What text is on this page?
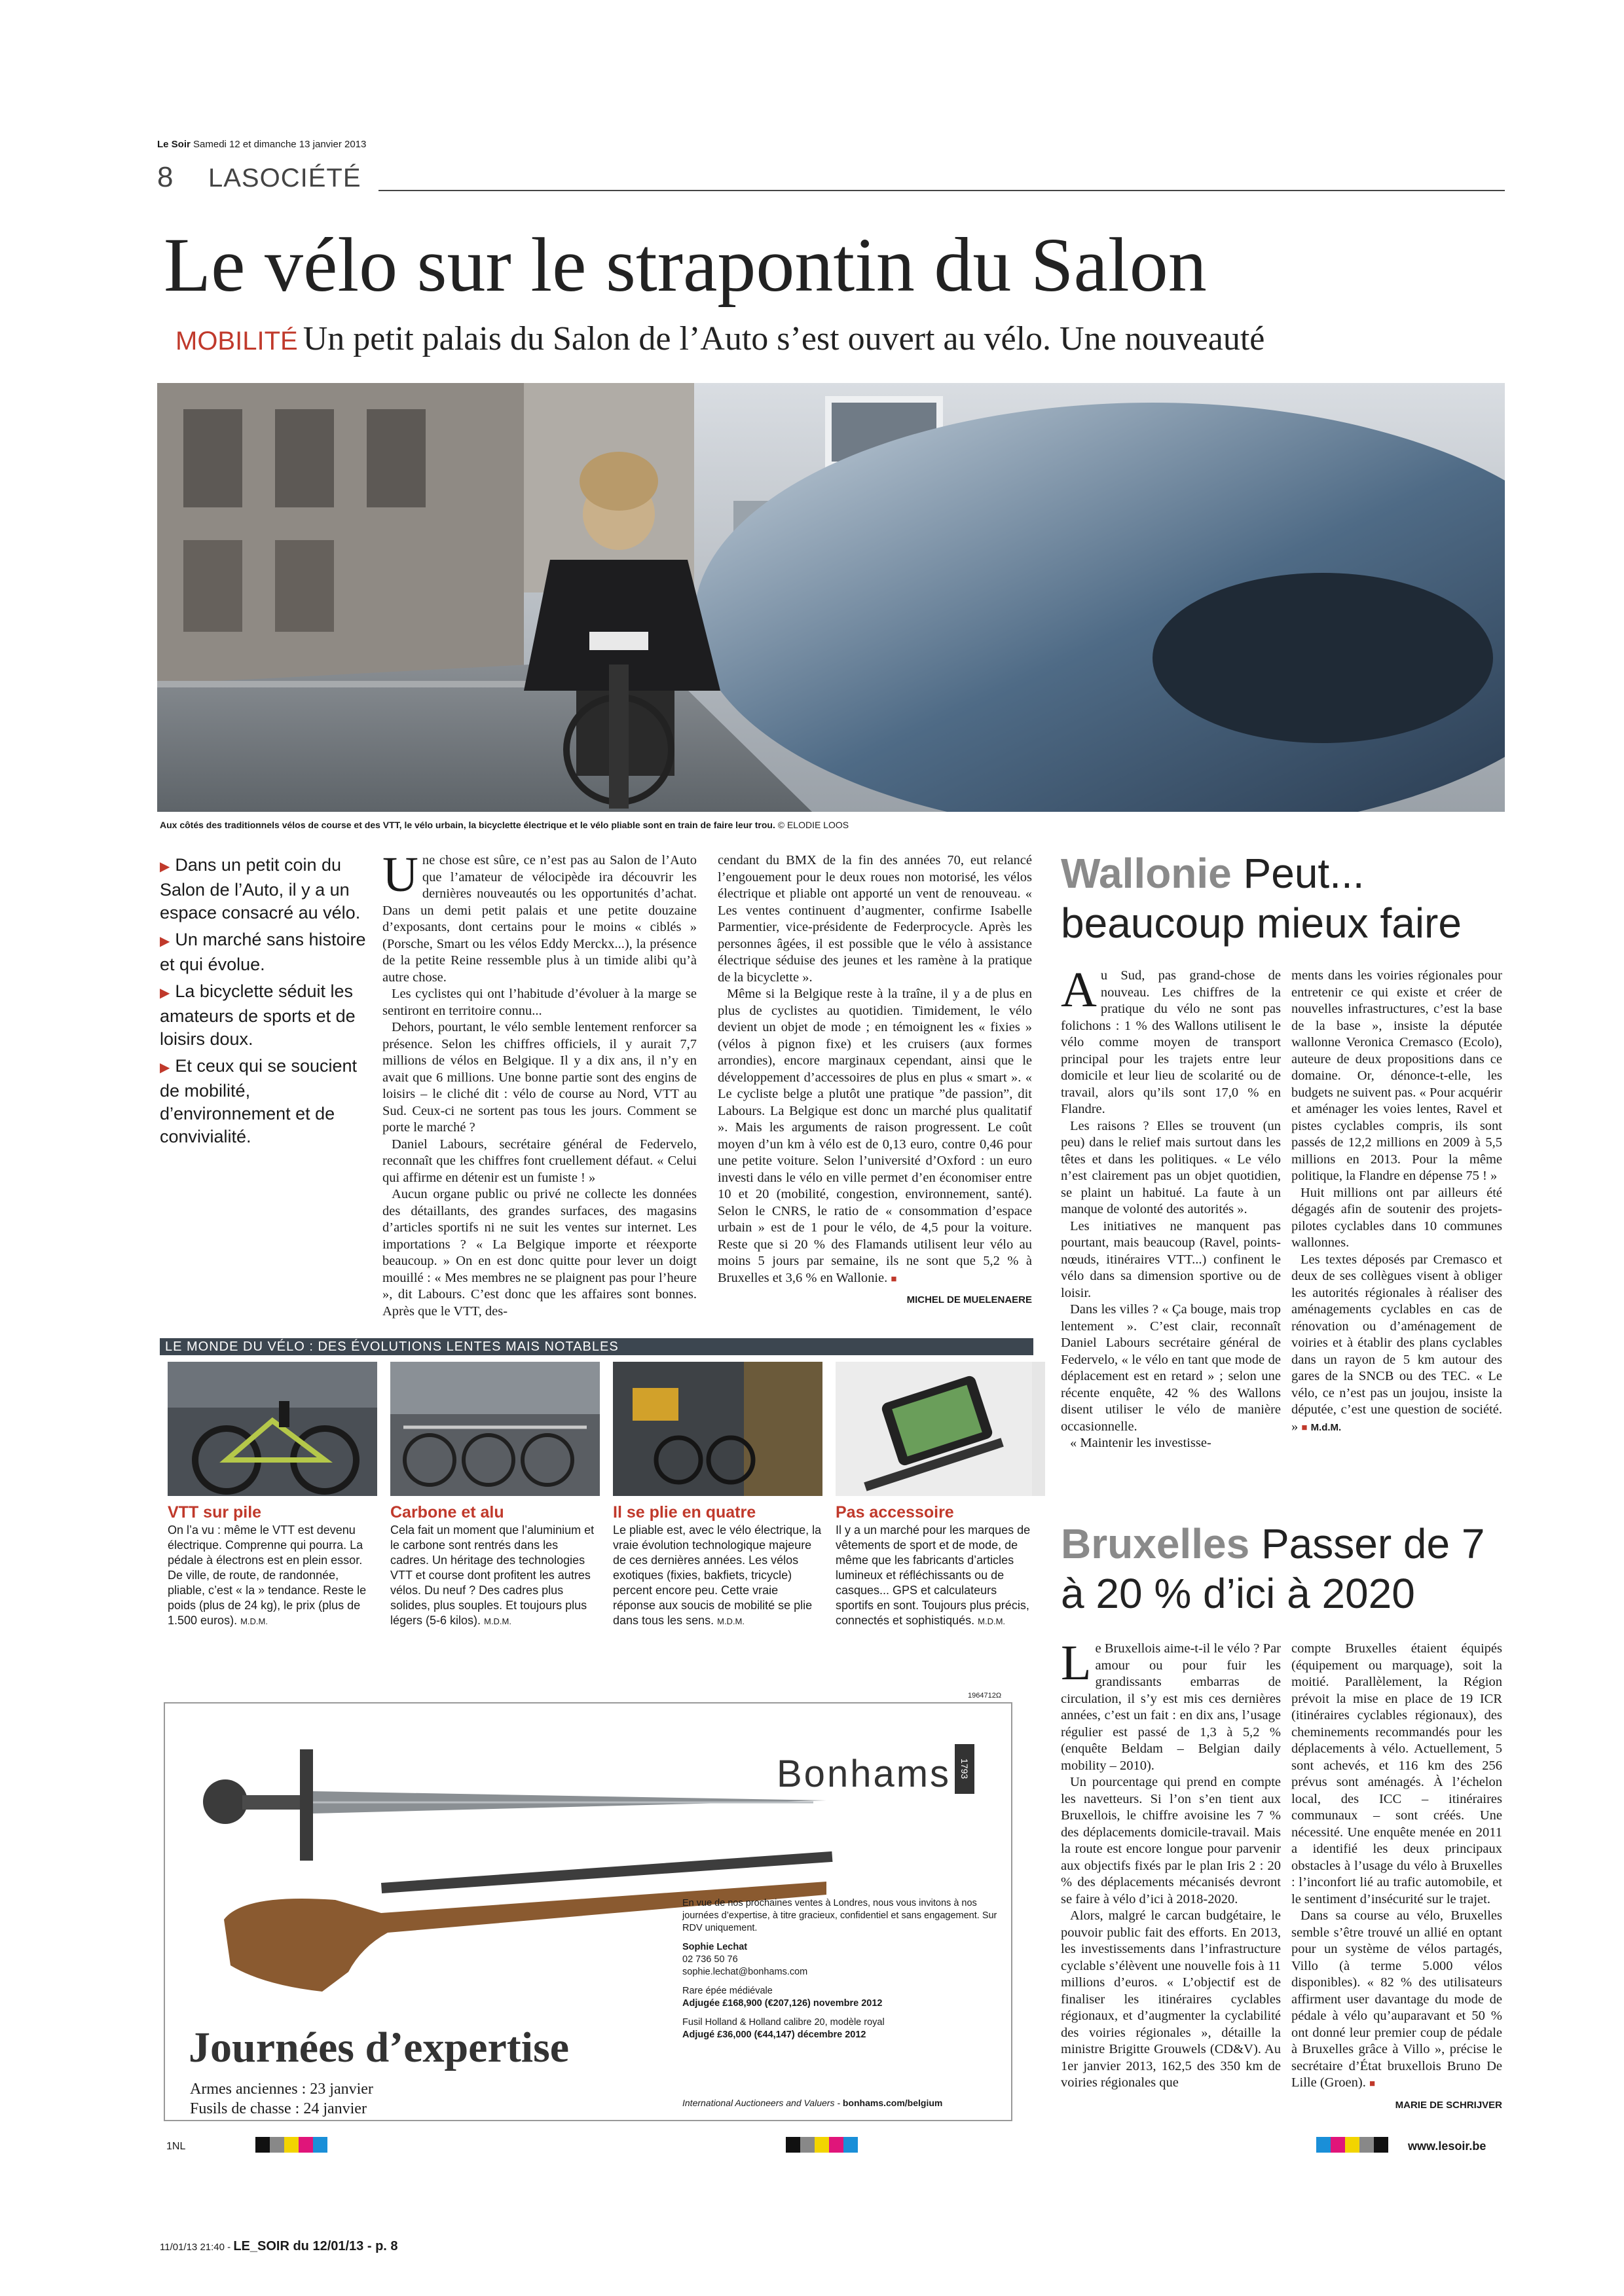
Le Soir Samedi 12 et dimanche 13 janvier 2013
8 LASOCIÉTÉ
Le vélo sur le strapontin du Salon
MOBILITÉ Un petit palais du Salon de l’Auto s’est ouvert au vélo. Une nouveauté
Aux côtés des traditionnels vélos de course et des VTT, le vélo urbain, la bicyclette électrique et le vélo pliable sont en train de faire leur trou. © ELODIE LOOS
▶ Dans un petit coin du Salon de l’Auto, il y a un espace consacré au vélo.
▶ Un marché sans histoire et qui évolue.
▶ La bicyclette séduit les amateurs de sports et de loisirs doux.
▶ Et ceux qui se soucient de mobilité, d’environnement et de convivialité.
U ne chose est sûre, ce n’est pas au Salon de l’Auto que l’amateur de vélocipède ira découvrir les dernières nouveautés ou les opportunités d’achat. Dans un demi petit palais et une petite douzaine d’exposants, dont certains pour le moins « ciblés » (Porsche, Smart ou les vélos Eddy Merckx...), la présence de la petite Reine ressemble plus à un timide alibi qu’à autre chose.

Les cyclistes qui ont l’habitude d’évoluer à la marge se sentiront en territoire connu...

Dehors, pourtant, le vélo semble lentement renforcer sa présence. Selon les chiffres officiels, il y aurait 7,7 millions de vélos en Belgique. Il y a dix ans, il n’y en avait que 6 millions. Une bonne partie sont des engins de loisirs – le cliché dit : vélo de course au Nord, VTT au Sud. Ceux-ci ne sortent pas tous les jours. Comment se porte le marché ?

Daniel Labours, secrétaire général de Federvelo, reconnaît que les chiffres font cruellement défaut. « Celui qui affirme en détenir est un fumiste ! »

Aucun organe public ou privé ne collecte les données des détaillants, des grandes surfaces, des magasins d’articles sportifs ni ne suit les ventes sur internet. Les importations ? « La Belgique importe et réexporte beaucoup. » On en est donc quitte pour lever un doigt mouillé : « Mes membres ne se plaignent pas pour l’heure », dit Labours. C’est donc que les affaires sont bonnes. Après que le VTT, des-

cendant du BMX de la fin des années 70, eut relancé l’engouement pour le deux roues non motorisé, les vélos électrique et pliable ont apporté un vent de renouveau. « Les ventes continuent d’augmenter, confirme Isabelle Parmentier, vice-présidente de Federprocycle. Après les personnes âgées, il est possible que le vélo à assistance électrique séduise des jeunes et les ramène à la pratique de la bicyclette ».

Même si la Belgique reste à la traîne, il y a de plus en plus de cyclistes au quotidien. Timidement, le vélo devient un objet de mode ; en témoignent les « fixies » (vélos à pignon fixe) et les cruisers (aux formes arrondies), encore marginaux cependant, ainsi que le développement d’accessoires de plus en plus « smart ». « Le cycliste belge a plutôt une pratique ”de passion”, dit Labours. La Belgique est donc un marché plus qualitatif ». Mais les arguments de raison progressent. Le coût moyen d’un km à vélo est de 0,13 euro, contre 0,46 pour une petite voiture. Selon l’université d’Oxford : un euro investi dans le vélo en ville permet d’en économiser entre 10 et 20 (mobilité, congestion, environnement, santé). Selon le CNRS, le ratio de « consommation d’espace urbain » est de 1 pour le vélo, de 4,5 pour la voiture. Reste que si 20 % des Flamands utilisent leur vélo au moins 5 jours par semaine, ils ne sont que 5,2 % à Bruxelles et 3,6 % en Wallonie. ■

MICHEL DE MUELENAERE
Wallonie Peut... beaucoup mieux faire
A u Sud, pas grand-chose de nouveau. Les chiffres de la pratique du vélo ne sont pas folichons : 1 % des Wallons utilisent le vélo comme moyen de transport principal pour les trajets entre leur domicile et leur lieu de scolarité ou de travail, alors qu’ils sont 17,0 % en Flandre.

Les raisons ? Elles se trouvent (un peu) dans le relief mais surtout dans les têtes et dans les politiques. « Le vélo n’est clairement pas un objet quotidien, se plaint un habitué. La faute à un manque de volonté des autorités ».

Les initiatives ne manquent pas pourtant, mais beaucoup (Ravel, points-nœuds, itinéraires VTT...) confinent le vélo dans sa dimension sportive ou de loisir.

Dans les villes ? « Ça bouge, mais trop lentement ». C’est clair, reconnaît Daniel Labours secrétaire général de Federvelo, « le vélo en tant que mode de déplacement est en retard » ; selon une récente enquête, 42 % des Wallons disent utiliser le vélo de manière occasionnelle.

« Maintenir les investisse-

ments dans les voiries régionales pour entretenir ce qui existe et créer de nouvelles infrastructures, c’est la base de la base », insiste la députée wallonne Veronica Cremasco (Ecolo), auteure de deux propositions dans ce domaine. Or, dénonce-t-elle, les budgets ne suivent pas. « Pour acquérir et aménager les voies lentes, Ravel et pistes cyclables compris, ils sont passés de 12,2 millions en 2009 à 5,5 millions en 2013. Pour la même politique, la Flandre en dépense 75 ! »

Huit millions ont par ailleurs été dégagés afin de soutenir des projets-pilotes cyclables dans 10 communes wallonnes.

Les textes déposés par Cremasco et deux de ses collègues visent à obliger les autorités régionales à réaliser des aménagements cyclables en cas de rénovation ou d’aménagement de voiries et à établir des plans cyclables dans un rayon de 5 km autour des gares de la SNCB ou des TEC. « Le vélo, ce n’est pas un joujou, insiste la députée, c’est une question de société. » ■ M.d.M.

LE MONDE DU VÉLO : DES ÉVOLUTIONS LENTES MAIS NOTABLES
VTT sur pile
On l’a vu : même le VTT est devenu électrique. Comprenne qui pourra. La pédale à électrons est en plein essor. De ville, de route, de randonnée, pliable, c’est « la » tendance. Reste le poids (plus de 24 kg), le prix (plus de 1.500 euros). M.D.M.
Carbone et alu
Cela fait un moment que l’aluminium et le carbone sont rentrés dans les cadres. Un héritage des technologies VTT et course dont profitent les autres vélos. Du neuf ? Des cadres plus solides, plus souples. Et toujours plus légers (5-6 kilos). M.D.M.
Il se plie en quatre
Le pliable est, avec le vélo électrique, la vraie évolution technologique majeure de ces dernières années. Les vélos exotiques (fixies, bakfiets, tricycle) percent encore peu. Cette vraie réponse aux soucis de mobilité se plie dans tous les sens. M.D.M.
Pas accessoire
Il y a un marché pour les marques de vêtements de sport et de mode, de même que les fabricants d’articles lumineux et réfléchissants ou de casques... GPS et calculateurs sportifs en sont. Toujours plus précis, connectés et sophistiqués. M.D.M.
Bruxelles Passer de 7 à 20 % d’ici à 2020
L e Bruxellois aime-t-il le vélo ? Par amour ou pour fuir les grandissants embarras de circulation, il s’y est mis ces dernières années, c’est un fait : en dix ans, l’usage régulier est passé de 1,3 à 5,2 % (enquête Beldam – Belgian daily mobility – 2010).

Un pourcentage qui prend en compte les navetteurs. Si l’on s’en tient aux Bruxellois, le chiffre avoisine les 7 % des déplacements domicile-travail. Mais la route est encore longue pour parvenir aux objectifs fixés par le plan Iris 2 : 20 % des déplacements mécanisés devront se faire à vélo d’ici à 2018-2020.

Alors, malgré le carcan budgétaire, le pouvoir public fait des efforts. En 2013, les investissements dans l’infrastructure cyclable s’élèvent une nouvelle fois à 11 millions d’euros. « L’objectif est de finaliser les itinéraires cyclables régionaux, et d’augmenter la cyclabilité des voiries régionales », détaille la ministre Brigitte Grouwels (CD&V). Au 1er janvier 2013, 162,5 des 350 km de voiries régionales que

compte Bruxelles étaient équipés (équipement ou marquage), soit la moitié. Parallèlement, la Région prévoit la mise en place de 19 ICR (itinéraires cyclables régionaux), des cheminements recommandés pour les déplacements à vélo. Actuellement, 5 sont achevés, et 116 km des 256 prévus sont aménagés. À l’échelon local, des ICC – itinéraires communaux – sont créés. Une nécessité. Une enquête menée en 2011 a identifié les deux principaux obstacles à l’usage du vélo à Bruxelles : l’inconfort lié au trafic automobile, et le sentiment d’insécurité sur le trajet.

Dans sa course au vélo, Bruxelles semble s’être trouvé un allié en optant pour un système de vélos partagés, Villo (à terme 5.000 vélos disponibles). « 82 % des utilisateurs affirment user davantage du mode de pédale à vélo qu’auparavant et 50 % ont donné leur premier coup de pédale à Bruxelles grâce à Villo », précise le secrétaire d’État bruxellois Bruno De Lille (Groen). ■

MARIE DE SCHRIJVER
1964712Ω
Bonhams 1793
Journées d’expertise
Armes anciennes : 23 janvier
Fusils de chasse : 24 janvier

En vue de nos prochaines ventes à Londres, nous vous invitons à nos journées d’expertise, à titre gracieux, confidentiel et sans engagement. Sur RDV uniquement.

Sophie Lechat
02 736 50 76
sophie.lechat@bonhams.com

Rare épée médiévale
Adjugée £168,900 (€207,126) novembre 2012

Fusil Holland & Holland calibre 20, modèle royal
Adjugé £36,000 (€44,147) décembre 2012

International Auctioneers and Valuers - bonhams.com/belgium
1NL	www.lesoir.be
11/01/13 21:40 - LE_SOIR du 12/01/13 - p. 8
